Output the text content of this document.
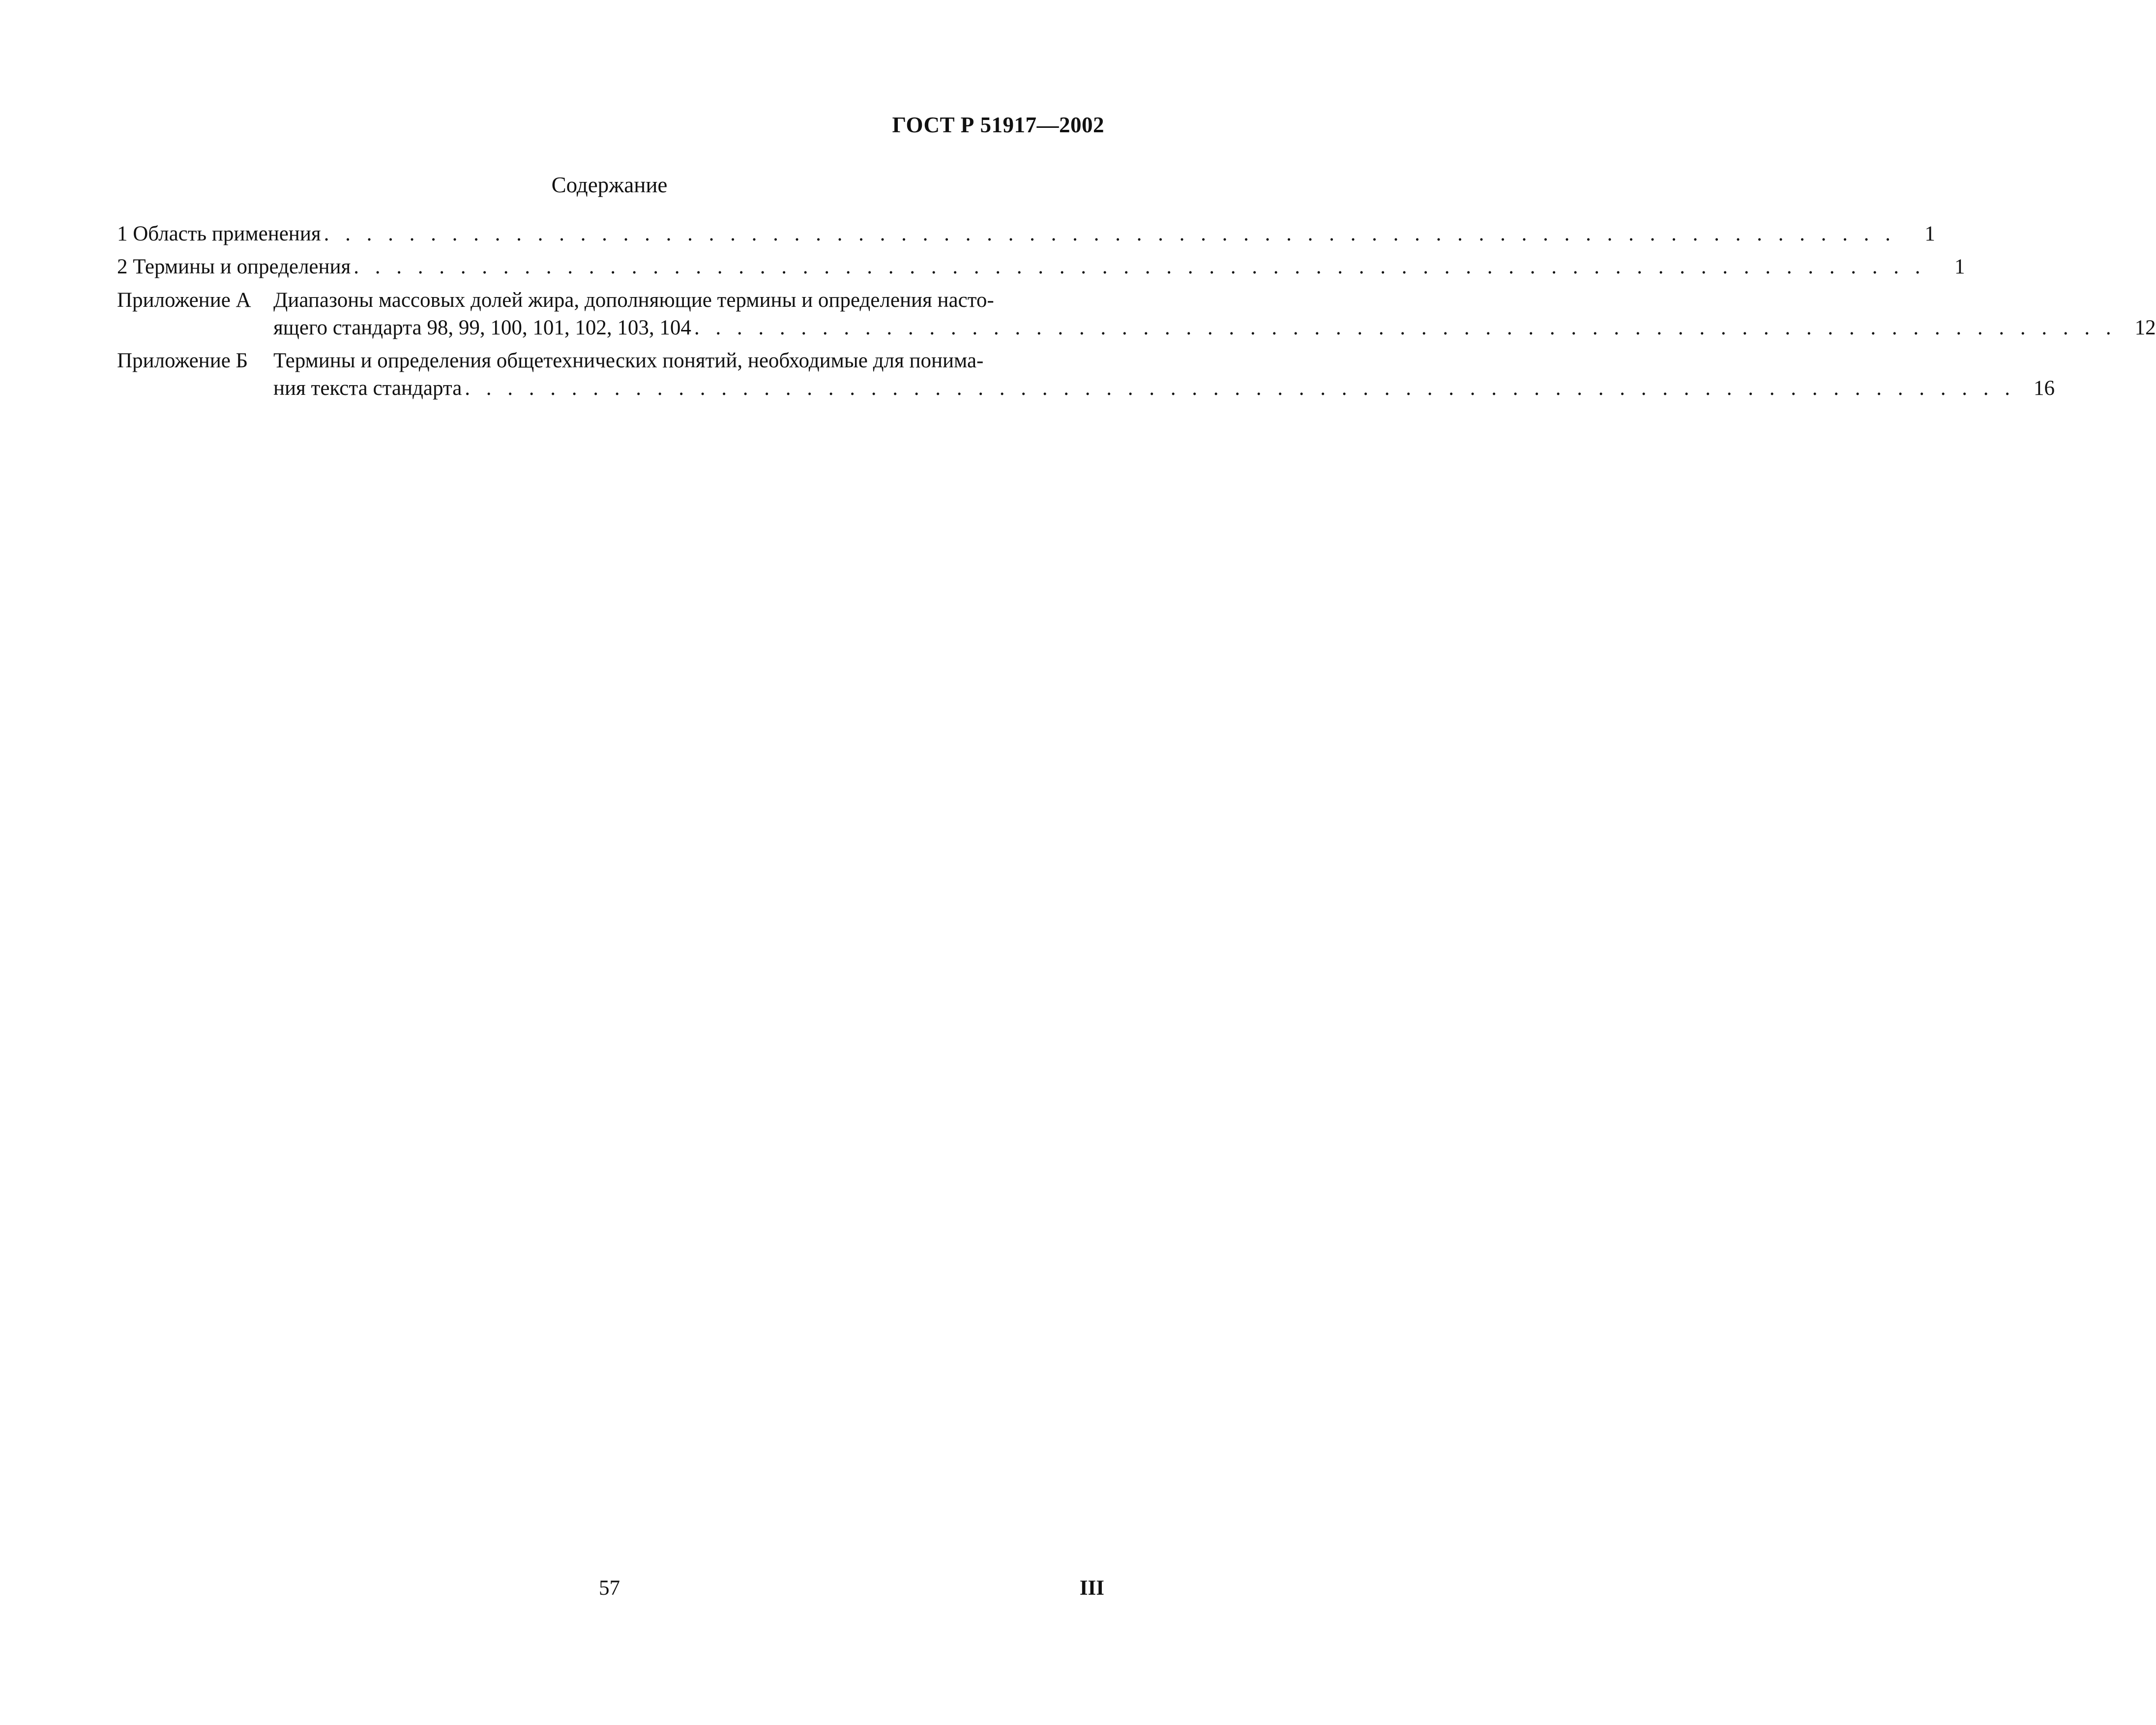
ГОСТ Р 51917—2002
Содержание
1 Область применения . . . . . . . . . . . . . . . . . . . . . . . . . . . . . . . . . . . . . . . . . . . . . . . . . . . . . . . . . . . . . . . . . . . . . . . . . .	1
2 Термины и определения . . . . . . . . . . . . . . . . . . . . . . . . . . . . . . . . . . . . . . . . . . . . . . . . . . . . . . . . . . . . . . . . . . . . . . . . . .	1
Приложение А Диапазоны массовых долей жира, дополняющие термины и определения насто-
ящего стандарта 98, 99, 100, 101, 102, 103, 104 . . . . . . . . . . . . . . . . . . . . . . . . . . . . . . . . . . . . . . . . . . . . . . . . . . . . . . . . . . . . . . . . . . . 12
Приложение Б Термины и определения общетехнических понятий, необходимые для понима-
ния текста стандарта . . . . . . . . . . . . . . . . . . . . . . . . . . . . . . . . . . . . . . . . . . . . . . . . . . . . . . . . . . . . . . . . . . . . . . . . . 16
57	III
